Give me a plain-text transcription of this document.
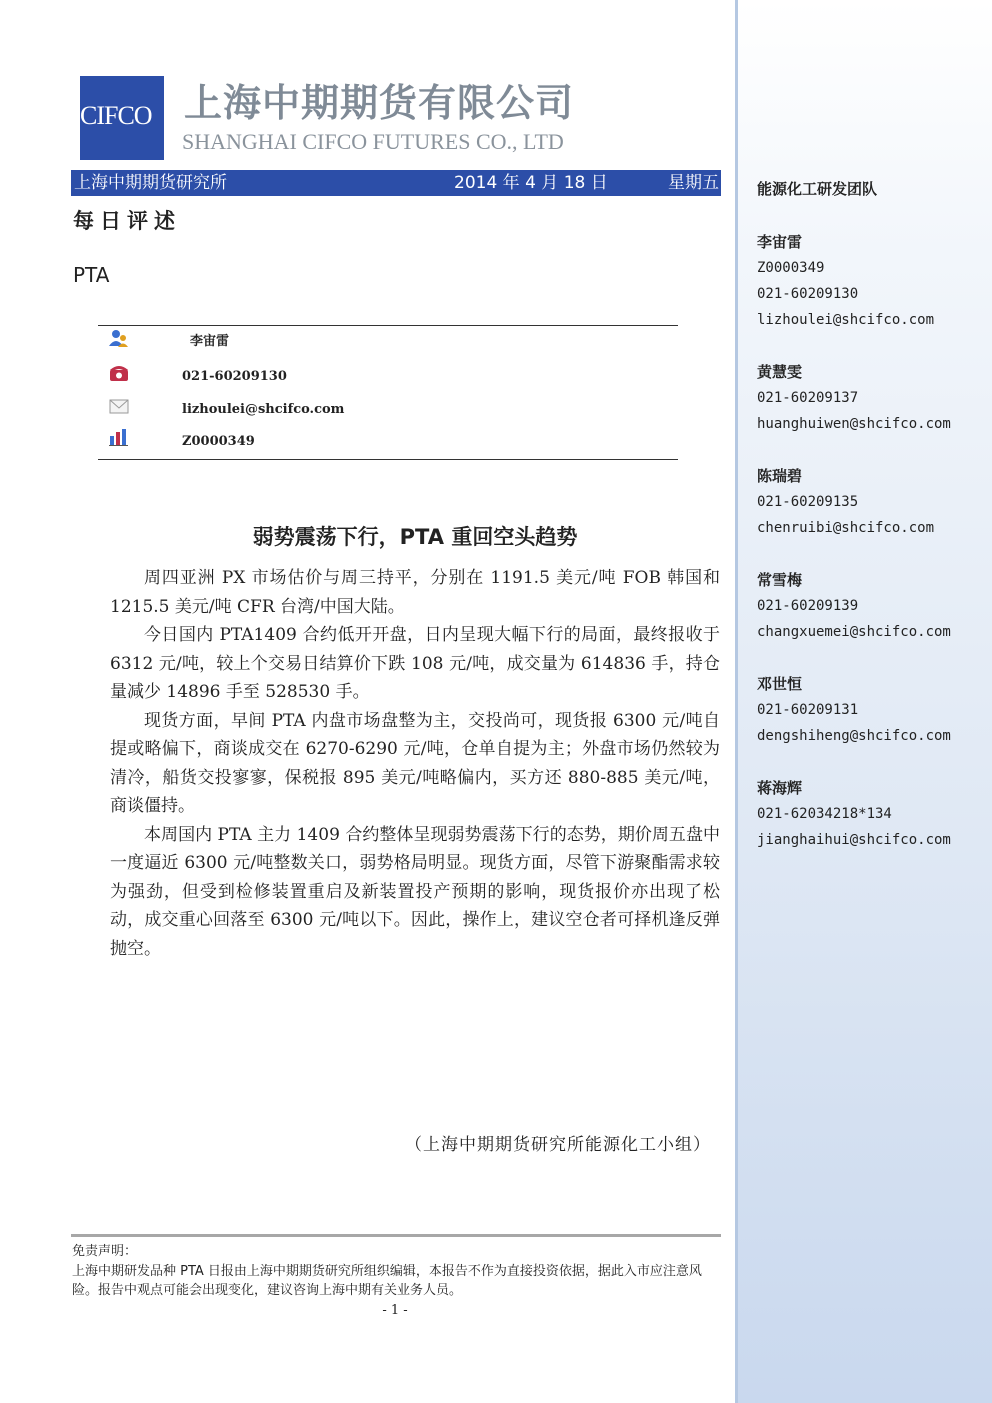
CIFCO 上海中期期货有限公司
SHANGHAI CIFCO FUTURES CO., LTD
上海中期期货研究所	2014 年 4 月 18 日	星期五
每日评述
PTA
李宙雷
021-60209130
lizhoulei@shcifco.com
Z0000349
弱势震荡下行，PTA 重回空头趋势

周四亚洲 PX 市场估价与周三持平，分别在 1191.5 美元/吨 FOB 韩国和 1215.5 美元/吨 CFR 台湾/中国大陆。

今日国内 PTA1409 合约低开开盘，日内呈现大幅下行的局面，最终报收于 6312 元/吨，较上个交易日结算价下跌 108 元/吨，成交量为 614836 手，持仓量减少 14896 手至 528530 手。

现货方面，早间 PTA 内盘市场盘整为主，交投尚可，现货报 6300 元/吨自提或略偏下，商谈成交在 6270-6290 元/吨，仓单自提为主；外盘市场仍然较为清冷，船货交投寥寥，保税报 895 美元/吨略偏内，买方还 880-885 美元/吨，商谈僵持。

本周国内 PTA 主力 1409 合约整体呈现弱势震荡下行的态势，期价周五盘中一度逼近 6300 元/吨整数关口，弱势格局明显。现货方面，尽管下游聚酯需求较为强劲，但受到检修装置重启及新装置投产预期的影响，现货报价亦出现了松动，成交重心回落至 6300 元/吨以下。因此，操作上，建议空仓者可择机逢反弹抛空。

（上海中期期货研究所能源化工小组）

免责声明：

上海中期研发品种 PTA 日报由上海中期期货研究所组织编辑，本报告不作为直接投资依据，据此入市应注意风险。报告中观点可能会出现变化，建议咨询上海中期有关业务人员。

- 1 -
能源化工研发团队
李宙雷
Z0000349
021-60209130
lizhoulei@shcifco.com
黄慧雯
021-60209137
huanghuiwen@shcifco.com
陈瑞碧
021-60209135
chenruibi@shcifco.com
常雪梅
021-60209139
changxuemei@shcifco.com
邓世恒
021-60209131
dengshiheng@shcifco.com
蒋海辉
021-62034218*134
jianghaihui@shcifco.com
